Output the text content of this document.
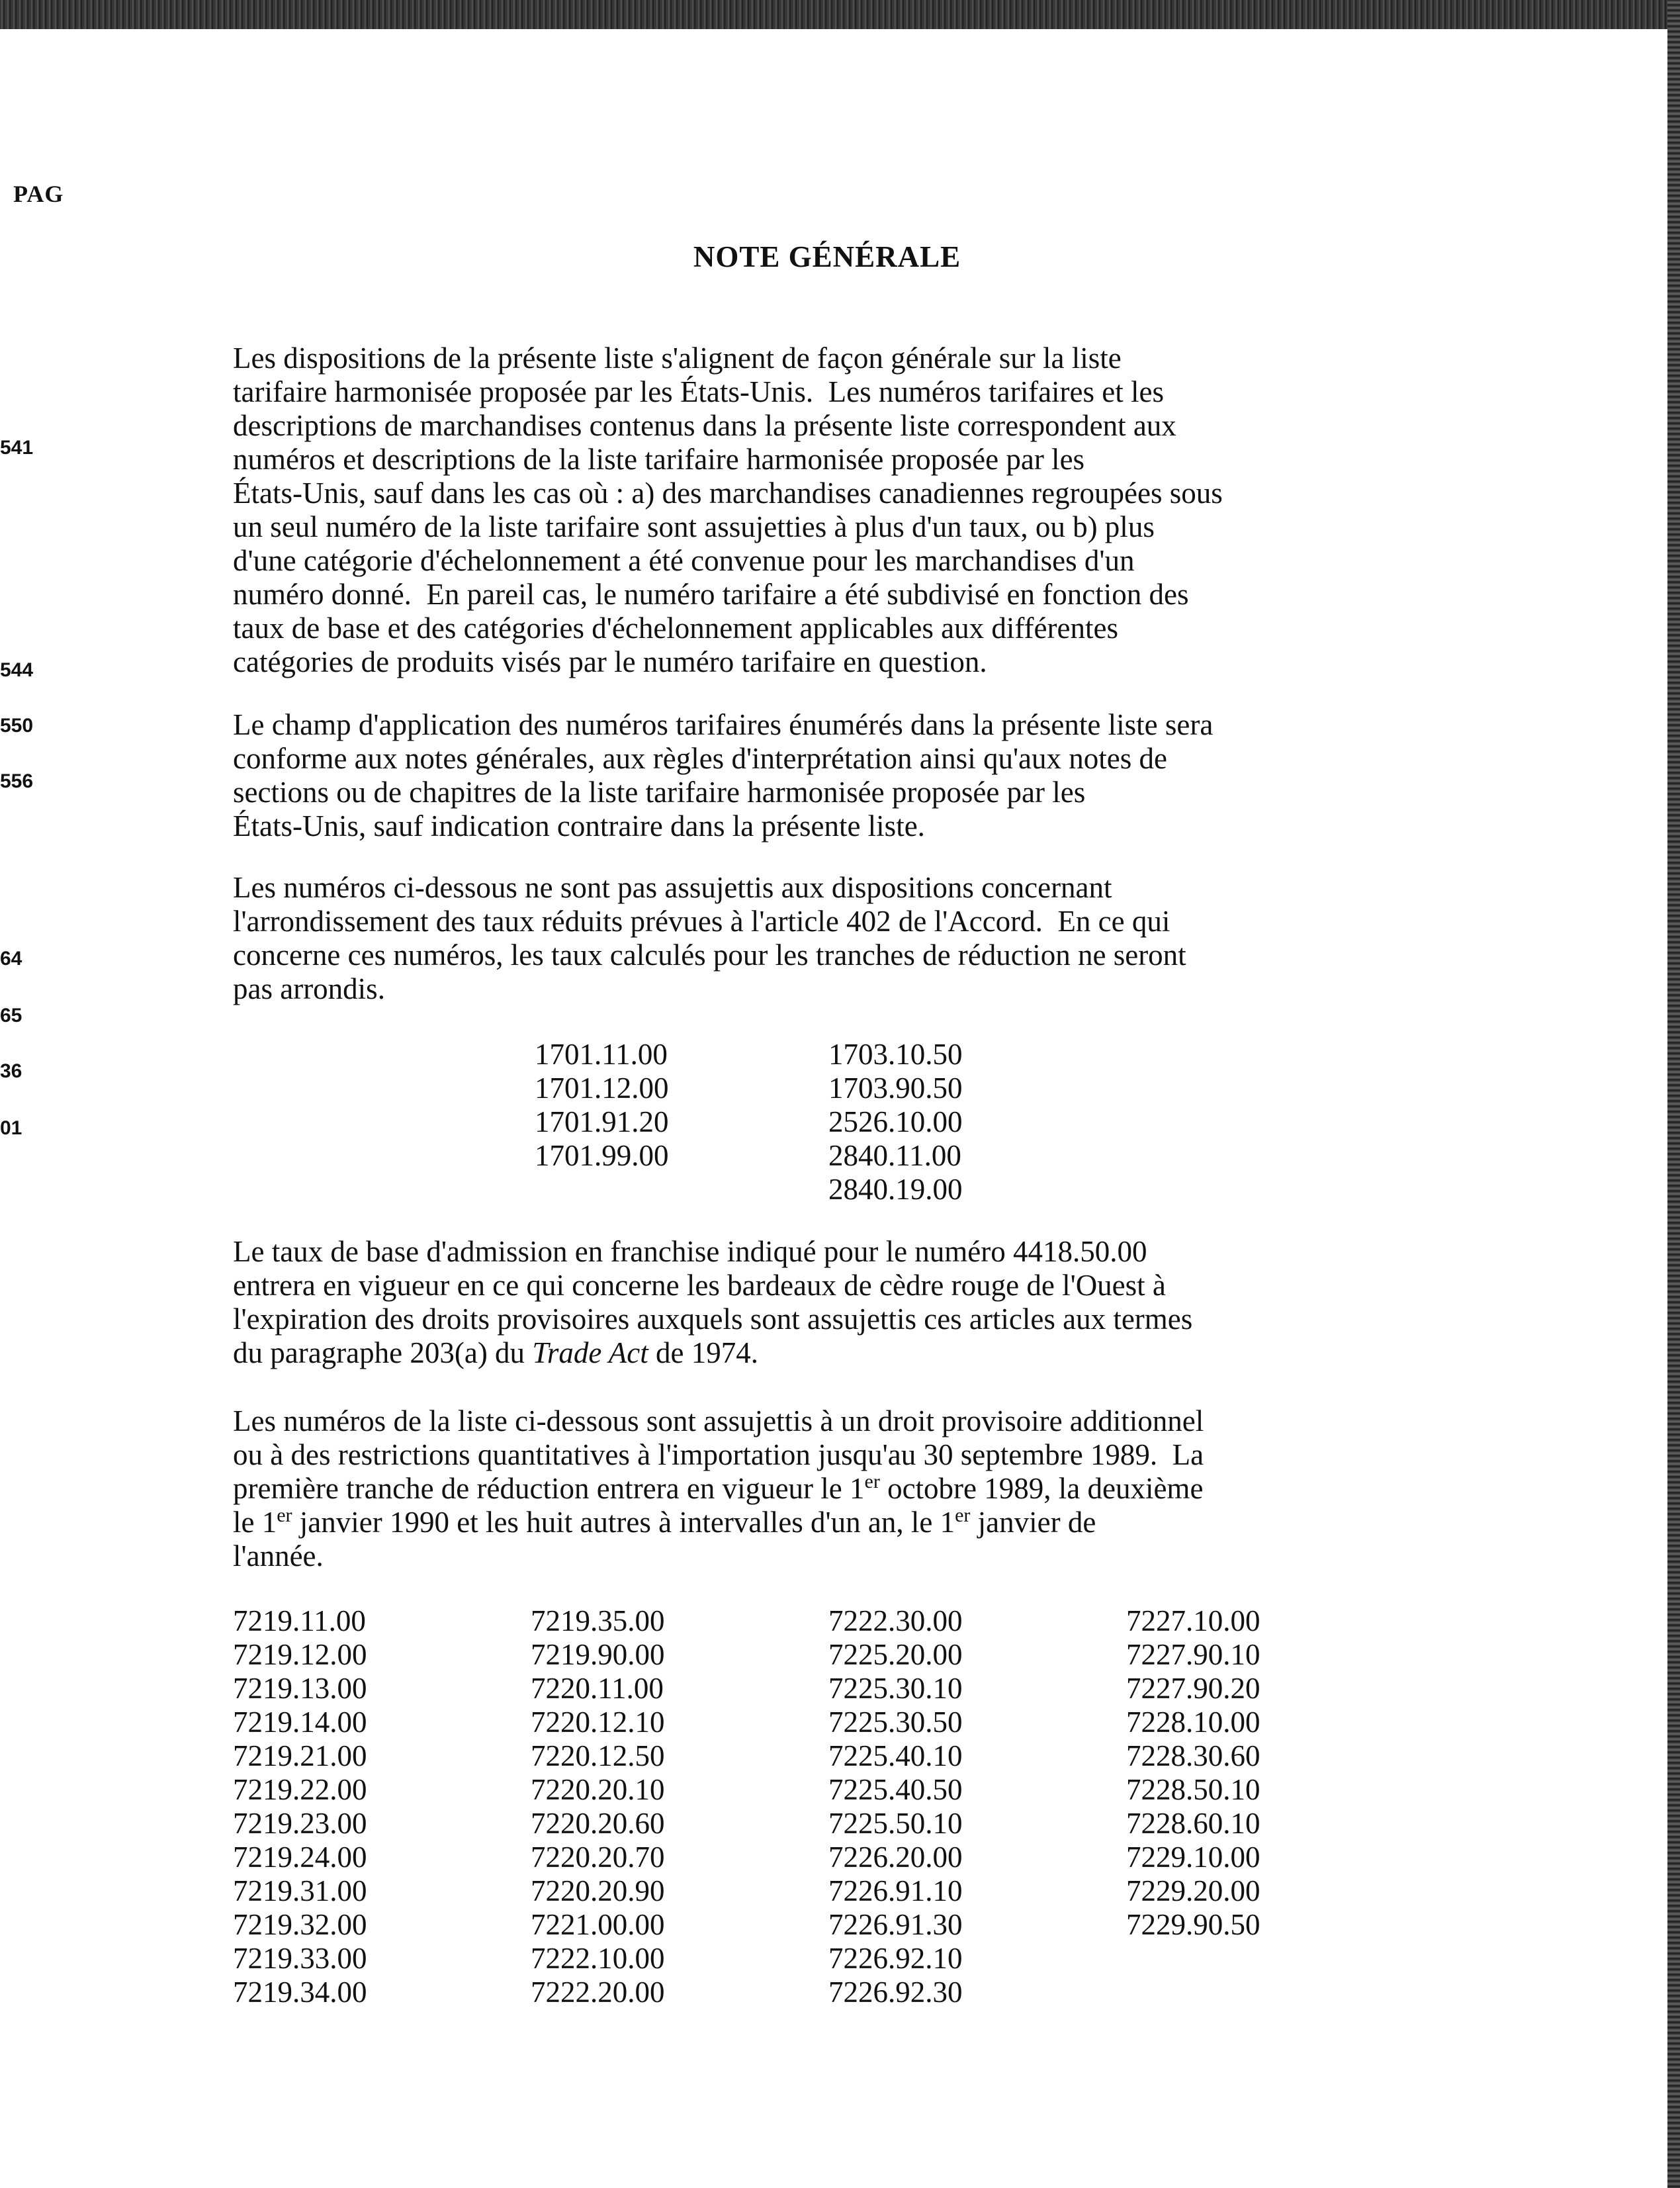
PAG
541
544
550
556
64
65
36
01
NOTE GÉNÉRALE
Les dispositions de la présente liste s'alignent de façon générale sur la liste
tarifaire harmonisée proposée par les États-Unis.  Les numéros tarifaires et les
descriptions de marchandises contenus dans la présente liste correspondent aux
numéros et descriptions de la liste tarifaire harmonisée proposée par les
États-Unis, sauf dans les cas où : a) des marchandises canadiennes regroupées sous
un seul numéro de la liste tarifaire sont assujetties à plus d'un taux, ou b) plus
d'une catégorie d'échelonnement a été convenue pour les marchandises d'un
numéro donné.  En pareil cas, le numéro tarifaire a été subdivisé en fonction des
taux de base et des catégories d'échelonnement applicables aux différentes
catégories de produits visés par le numéro tarifaire en question.
Le champ d'application des numéros tarifaires énumérés dans la présente liste sera
conforme aux notes générales, aux règles d'interprétation ainsi qu'aux notes de
sections ou de chapitres de la liste tarifaire harmonisée proposée par les
États-Unis, sauf indication contraire dans la présente liste.
Les numéros ci-dessous ne sont pas assujettis aux dispositions concernant
l'arrondissement des taux réduits prévues à l'article 402 de l'Accord.  En ce qui
concerne ces numéros, les taux calculés pour les tranches de réduction ne seront
pas arrondis.
1701.11.00
1701.12.00
1701.91.20
1701.99.00
1703.10.50
1703.90.50
2526.10.00
2840.11.00
2840.19.00
Le taux de base d'admission en franchise indiqué pour le numéro 4418.50.00
entrera en vigueur en ce qui concerne les bardeaux de cèdre rouge de l'Ouest à
l'expiration des droits provisoires auxquels sont assujettis ces articles aux termes
du paragraphe 203(a) du Trade Act de 1974.
Les numéros de la liste ci-dessous sont assujettis à un droit provisoire additionnel
ou à des restrictions quantitatives à l'importation jusqu'au 30 septembre 1989.  La
première tranche de réduction entrera en vigueur le 1er octobre 1989, la deuxième
le 1er janvier 1990 et les huit autres à intervalles d'un an, le 1er janvier de
l'année.
7219.11.00
7219.12.00
7219.13.00
7219.14.00
7219.21.00
7219.22.00
7219.23.00
7219.24.00
7219.31.00
7219.32.00
7219.33.00
7219.34.00
7219.35.00
7219.90.00
7220.11.00
7220.12.10
7220.12.50
7220.20.10
7220.20.60
7220.20.70
7220.20.90
7221.00.00
7222.10.00
7222.20.00
7222.30.00
7225.20.00
7225.30.10
7225.30.50
7225.40.10
7225.40.50
7225.50.10
7226.20.00
7226.91.10
7226.91.30
7226.92.10
7226.92.30
7227.10.00
7227.90.10
7227.90.20
7228.10.00
7228.30.60
7228.50.10
7228.60.10
7229.10.00
7229.20.00
7229.90.50
